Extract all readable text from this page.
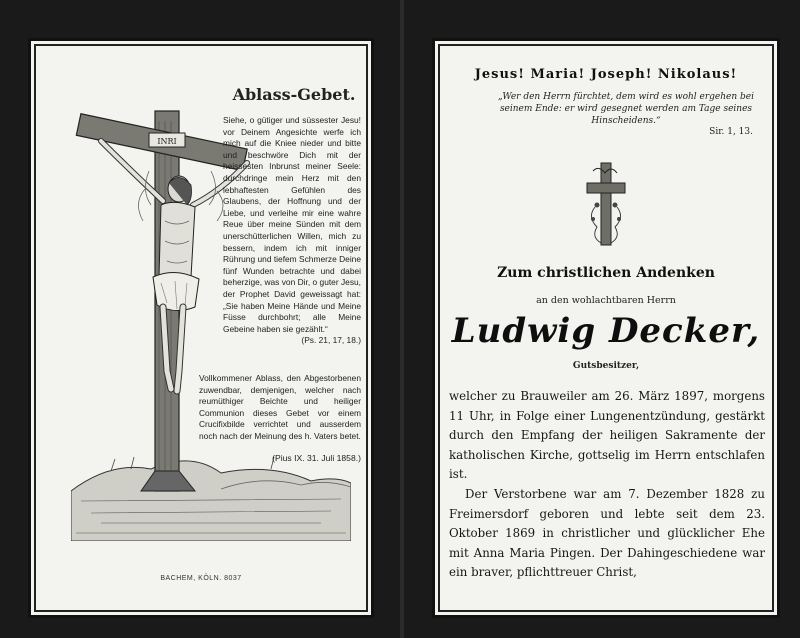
INRI
Ablass-Gebet.
Siehe, o gütiger und süssester Jesu! vor Deinem Angesichte werfe ich mich auf die Kniee nieder und bitte und beschwöre Dich mit der heissesten Inbrunst meiner Seele: durchdringe mein Herz mit den lebhaftesten Gefühlen des Glaubens, der Hoffnung und der Liebe, und verleihe mir eine wahre Reue über meine Sünden mit dem unerschütterlichen Willen, mich zu bessern, indem ich mit inniger Rührung und tiefem Schmerze Deine fünf Wunden betrachte und dabei beherzige, was von Dir, o guter Jesu, der Prophet David geweissagt hat: „Sie haben Meine Hände und Meine Füsse durchbohrt; alle Meine Gebeine haben sie gezählt.“
(Ps. 21, 17, 18.)
Vollkommener Ablass, den Abgestorbenen zuwendbar, demjenigen, welcher nach reumüthiger Beichte und heiliger Communion dieses Gebet vor einem Crucifixbilde verrichtet und ausserdem noch nach der Meinung des h. Vaters betet.
(Pius IX. 31. Juli 1858.)
BACHEM, KÖLN. 8037
Jesus! Maria! Joseph! Nikolaus!
„Wer den Herrn fürchtet, dem wird es wohl ergehen bei seinem Ende: er wird gesegnet werden am Tage seines Hinscheidens.“
Sir. 1, 13.
Zum christlichen Andenken
an den wohlachtbaren Herrn
Ludwig Decker,
Gutsbesitzer,

welcher zu Brauweiler am 26. März 1897, morgens 11 Uhr, in Folge einer Lungenentzündung, gestärkt durch den Empfang der heiligen Sakramente der katholischen Kirche, gottselig im Herrn entschlafen ist.

Der Verstorbene war am 7. Dezember 1828 zu Freimersdorf geboren und lebte seit dem 23. Oktober 1869 in christlicher und glücklicher Ehe mit Anna Maria Pingen. Der Dahingeschiedene war ein braver, pflichttreuer Christ,
